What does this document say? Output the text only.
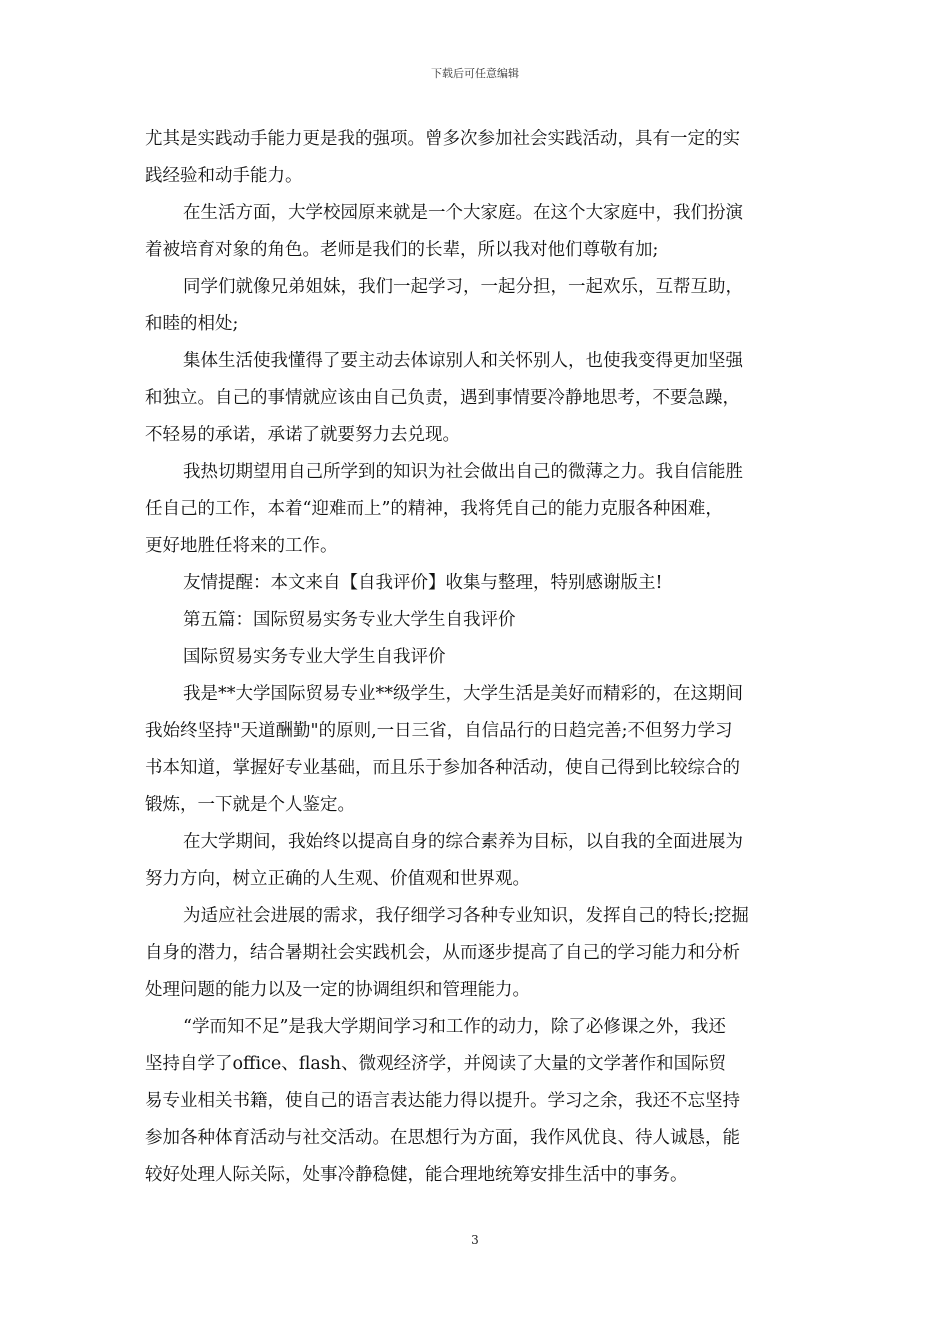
下载后可任意编辑
尤其是实践动手能力更是我的强项。曾多次参加社会实践活动，具有一定的实
践经验和动手能力。
在生活方面，大学校园原来就是一个大家庭。在这个大家庭中，我们扮演
着被培育对象的角色。老师是我们的长辈，所以我对他们尊敬有加;
同学们就像兄弟姐妹，我们一起学习，一起分担，一起欢乐，互帮互助，
和睦的相处;
集体生活使我懂得了要主动去体谅别人和关怀别人，也使我变得更加坚强
和独立。自己的事情就应该由自己负责，遇到事情要冷静地思考，不要急躁，
不轻易的承诺，承诺了就要努力去兑现。
我热切期望用自己所学到的知识为社会做出自己的微薄之力。我自信能胜
任自己的工作，本着“迎难而上”的精神，我将凭自己的能力克服各种困难，
更好地胜任将来的工作。
友情提醒：本文来自【自我评价】收集与整理，特别感谢版主!
第五篇：国际贸易实务专业大学生自我评价
国际贸易实务专业大学生自我评价
我是**大学国际贸易专业**级学生，大学生活是美好而精彩的，在这期间
我始终坚持"天道酬勤"的原则,一日三省，自信品行的日趋完善;不但努力学习
书本知道，掌握好专业基础，而且乐于参加各种活动，使自己得到比较综合的
锻炼，一下就是个人鉴定。
在大学期间，我始终以提高自身的综合素养为目标，以自我的全面进展为
努力方向，树立正确的人生观、价值观和世界观。
为适应社会进展的需求，我仔细学习各种专业知识，发挥自己的特长;挖掘
自身的潜力，结合暑期社会实践机会，从而逐步提高了自己的学习能力和分析
处理问题的能力以及一定的协调组织和管理能力。
“学而知不足”是我大学期间学习和工作的动力，除了必修课之外，我还
坚持自学了office、flash、微观经济学，并阅读了大量的文学著作和国际贸
易专业相关书籍，使自己的语言表达能力得以提升。学习之余，我还不忘坚持
参加各种体育活动与社交活动。在思想行为方面，我作风优良、待人诚恳，能
较好处理人际关际，处事冷静稳健，能合理地统筹安排生活中的事务。
3
